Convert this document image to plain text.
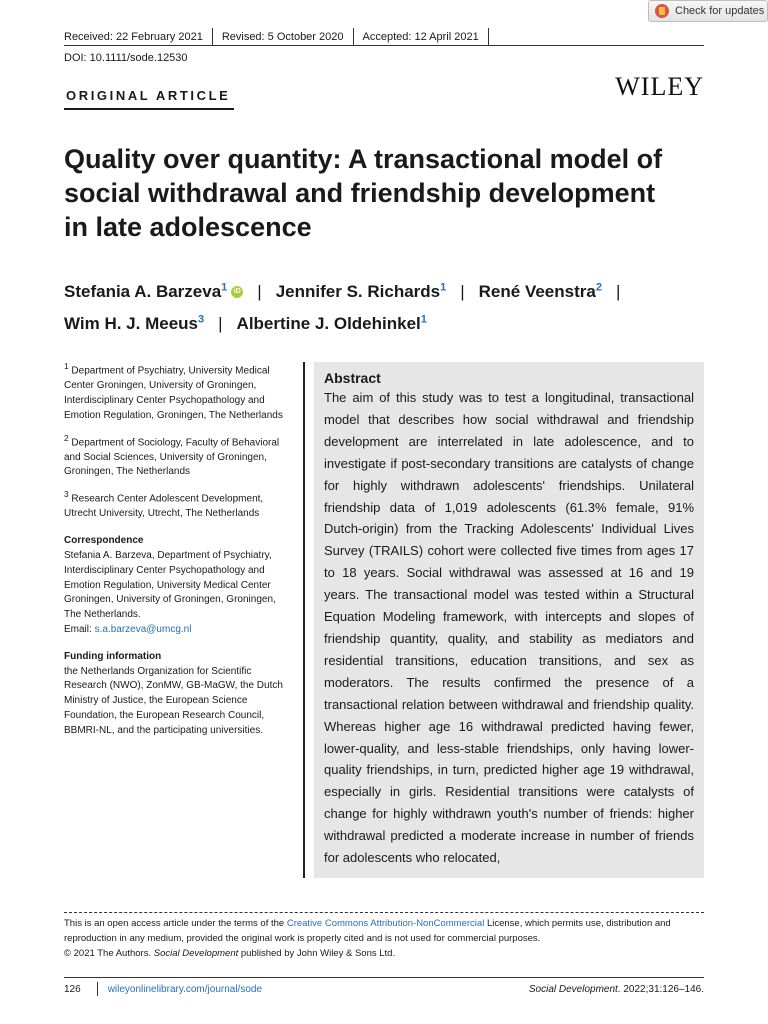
Check for updates
Received: 22 February 2021 Revised: 5 October 2020 Accepted: 12 April 2021
DOI: 10.1111/sode.12530
ORIGINAL ARTICLE	WILEY
Quality over quantity: A transactional model of social withdrawal and friendship development in late adolescence
Stefania A. Barzeva$^1$ iD | Jennifer S. Richards$^1$ | René Veenstra$^2$ |
Wim H. J. Meeus$^3$ | Albertine J. Oldehinkel$^1$

$^1$ Department of Psychiatry, University Medical Center Groningen, University of Groningen, Interdisciplinary Center Psychopathology and Emotion Regulation, Groningen, The Netherlands

$^2$ Department of Sociology, Faculty of Behavioral and Social Sciences, University of Groningen, Groningen, The Netherlands

$^3$ Research Center Adolescent Development, Utrecht University, Utrecht, The Netherlands

Correspondence

Stefania A. Barzeva, Department of Psychiatry, Interdisciplinary Center Psychopathology and Emotion Regulation, University Medical Center Groningen, University of Groningen, Groningen, The Netherlands.

Email: s.a.barzeva@umcg.nl

Funding information

the Netherlands Organization for Scientific Research (NWO), ZonMW, GB-MaGW, the Dutch Ministry of Justice, the European Science Foundation, the European Research Council, BBMRI-NL, and the participating universities.

Abstract

The aim of this study was to test a longitudinal, transactional model that describes how social withdrawal and friendship development are interrelated in late adolescence, and to investigate if post-secondary transitions are catalysts of change for highly withdrawn adolescents' friendships. Unilateral friendship data of 1,019 adolescents (61.3% female, 91% Dutch-origin) from the Tracking Adolescents' Individual Lives Survey (TRAILS) cohort were collected five times from ages 17 to 18 years. Social withdrawal was assessed at 16 and 19 years. The transactional model was tested within a Structural Equation Modeling framework, with intercepts and slopes of friendship quantity, quality, and stability as mediators and residential transitions, education transitions, and sex as moderators. The results confirmed the presence of a transactional relation between withdrawal and friendship quality. Whereas higher age 16 withdrawal predicted having fewer, lower-quality, and less-stable friendships, only having lower-quality friendships, in turn, predicted higher age 19 withdrawal, especially in girls. Residential transitions were catalysts of change for highly withdrawn youth's number of friends: higher withdrawal predicted a moderate increase in number of friends for adolescents who relocated,

This is an open access article under the terms of the Creative Commons Attribution-NonCommercial License, which permits use, distribution and reproduction in any medium, provided the original work is properly cited and is not used for commercial purposes.
© 2021 The Authors. Social Development published by John Wiley & Sons Ltd.
126	wileyonlinelibrary.com/journal/sode	Social Development. 2022;31:126–146.
